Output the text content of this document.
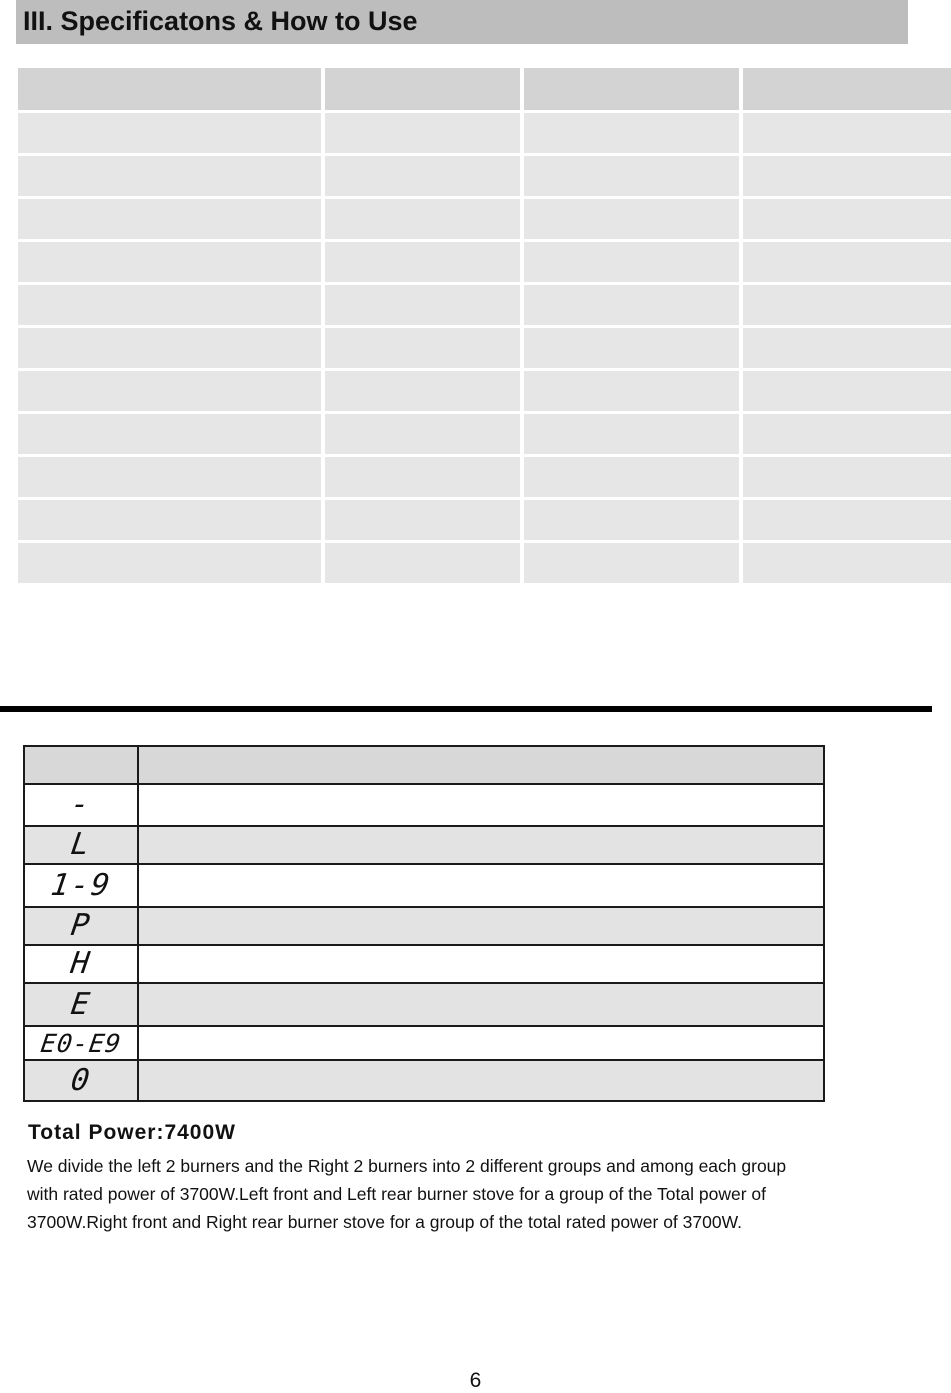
III. Specificatons & How to Use
-
L
1-9
P
H
E
E0-E9
0
Total Power:7400W
We divide the left 2 burners and the Right 2 burners into 2 different groups and among each group
with rated power of 3700W.Left front and Left rear burner stove for a group of the Total power of
3700W.Right front and Right rear burner stove for a group of the total rated power of 3700W.
6
